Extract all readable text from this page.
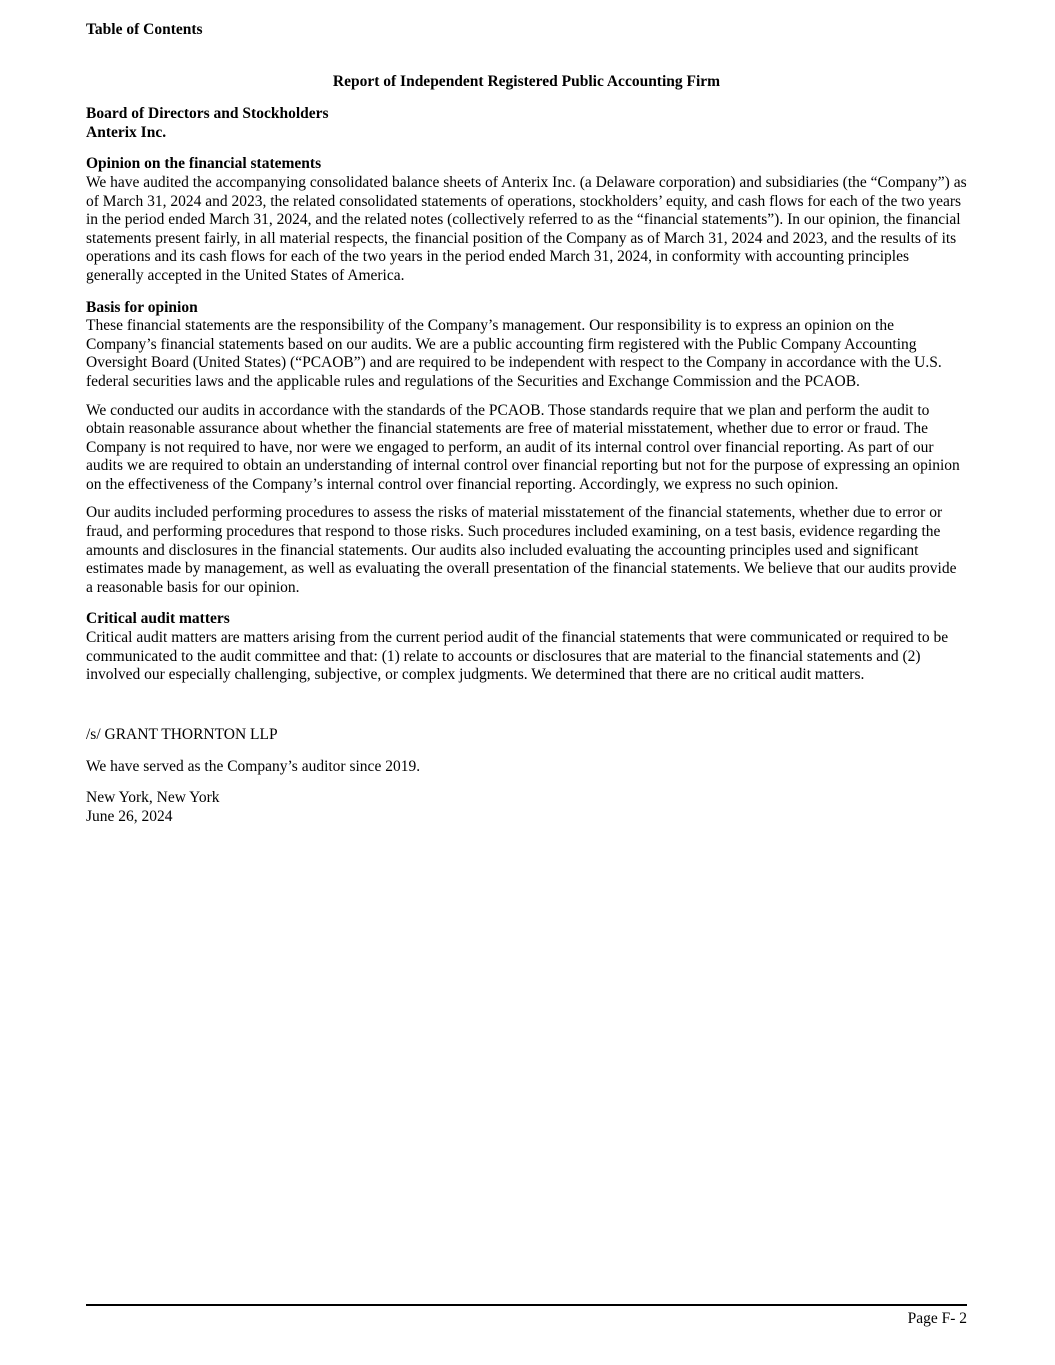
Table of Contents
Report of Independent Registered Public Accounting Firm
Board of Directors and Stockholders
Anterix Inc.
Opinion on the financial statements

We have audited the accompanying consolidated balance sheets of Anterix Inc. (a Delaware corporation) and subsidiaries (the “Company”) as of March 31, 2024 and 2023, the related consolidated statements of operations, stockholders’ equity, and cash flows for each of the two years in the period ended March 31, 2024, and the related notes (collectively referred to as the “financial statements”). In our opinion, the financial statements present fairly, in all material respects, the financial position of the Company as of March 31, 2024 and 2023, and the results of its operations and its cash flows for each of the two years in the period ended March 31, 2024, in conformity with accounting principles generally accepted in the United States of America.

Basis for opinion

These financial statements are the responsibility of the Company’s management. Our responsibility is to express an opinion on the Company’s financial statements based on our audits. We are a public accounting firm registered with the Public Company Accounting Oversight Board (United States) (“PCAOB”) and are required to be independent with respect to the Company in accordance with the U.S. federal securities laws and the applicable rules and regulations of the Securities and Exchange Commission and the PCAOB.

We conducted our audits in accordance with the standards of the PCAOB. Those standards require that we plan and perform the audit to obtain reasonable assurance about whether the financial statements are free of material misstatement, whether due to error or fraud. The Company is not required to have, nor were we engaged to perform, an audit of its internal control over financial reporting. As part of our audits we are required to obtain an understanding of internal control over financial reporting but not for the purpose of expressing an opinion on the effectiveness of the Company’s internal control over financial reporting. Accordingly, we express no such opinion.

Our audits included performing procedures to assess the risks of material misstatement of the financial statements, whether due to error or fraud, and performing procedures that respond to those risks. Such procedures included examining, on a test basis, evidence regarding the amounts and disclosures in the financial statements. Our audits also included evaluating the accounting principles used and significant estimates made by management, as well as evaluating the overall presentation of the financial statements. We believe that our audits provide a reasonable basis for our opinion.

Critical audit matters

Critical audit matters are matters arising from the current period audit of the financial statements that were communicated or required to be communicated to the audit committee and that: (1) relate to accounts or disclosures that are material to the financial statements and (2) involved our especially challenging, subjective, or complex judgments. We determined that there are no critical audit matters.

/s/ GRANT THORNTON LLP

We have served as the Company’s auditor since 2019.

New York, New York
June 26, 2024
Page F- 2
